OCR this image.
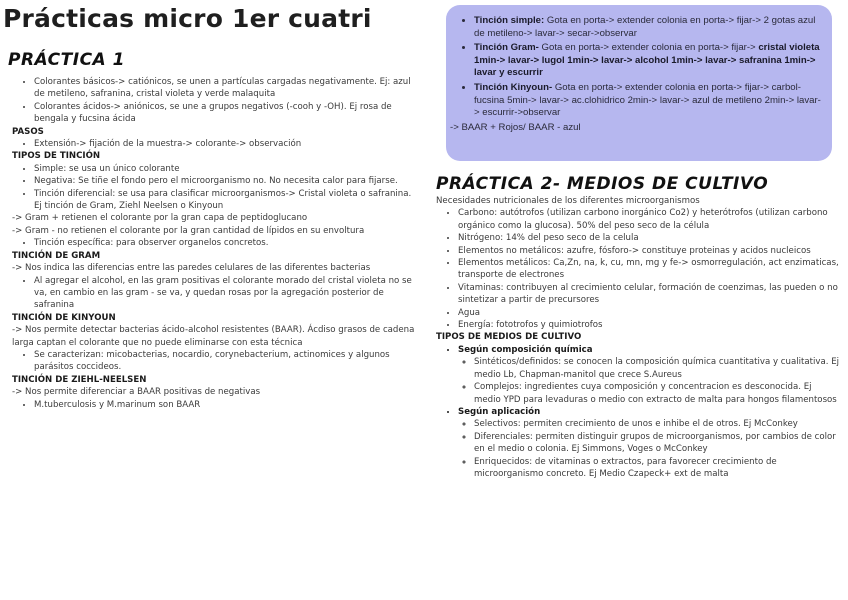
Prácticas micro 1er cuatri
PRÁCTICA 1
• Colorantes básicos-> catiónicos, se unen a partículas cargadas negativamente. Ej: azul de metileno, safranina, cristal violeta y verde malaquita
• Colorantes ácidos-> aniónicos, se une a grupos negativos (-cooh y -OH). Ej rosa de bengala y fucsina ácida

PASOS

• Extensión-> fijación de la muestra-> colorante-> observación

TIPOS DE TINCIÓN

• Simple: se usa un único colorante
• Negativa: Se tiñe el fondo pero el microorganismo no. No necesita calor para fijarse.
• Tinción diferencial: se usa para clasificar microorganismos-> Cristal violeta o safranina. Ej tinción de Gram, Ziehl Neelsen o Kinyoun

-> Gram + retienen el colorante por la gran capa de peptidoglucano

-> Gram - no retienen el colorante por la gran cantidad de lípidos en su envoltura

• Tinción específica: para observer organelos concretos.

TINCIÓN DE GRAM

-> Nos indica las diferencias entre las paredes celulares de las diferentes bacterias

• Al agregar el alcohol, en las gram positivas el colorante morado del cristal violeta no se va, en cambio en las gram - se va, y quedan rosas por la agregación posterior de safranina

TINCIÓN DE KINYOUN

-> Nos permite detectar bacterias ácido-alcohol resistentes (BAAR). Ácdiso grasos de cadena larga captan el colorante que no puede eliminarse con esta técnica

• Se caracterizan: micobacterias, nocardio, corynebacterium, actinomices y algunos parásitos coccideos.

TINCIÓN DE ZIEHL-NEELSEN

-> Nos permite diferenciar a BAAR positivas de negativas

• M.tuberculosis y M.marinum son BAAR
• Tinción simple: Gota en porta-> extender colonia en porta-> fijar-> 2 gotas azul de metileno-> lavar-> secar->observar
• Tinción Gram- Gota en porta-> extender colonia en porta-> fijar-> cristal violeta 1min-> lavar-> lugol 1min-> lavar-> alcohol 1min-> lavar-> safranina 1min-> lavar y escurrir
• Tinción Kinyoun- Gota en porta-> extender colonia en porta-> fijar-> carbol-fucsina 5min-> lavar-> ac.clohidrico 2min-> lavar-> azul de metileno 2min-> lavar-> escurrir->observar

-> BAAR + Rojos/ BAAR - azul

PRÁCTICA 2- MEDIOS DE CULTIVO

Necesidades nutricionales de los diferentes microorganismos

• Carbono: autótrofos (utilizan carbono inorgánico Co2) y heterótrofos (utilizan carbono orgánico como la glucosa). 50% del peso seco de la célula
• Nitrógeno: 14% del peso seco de la celula
• Elementos no metálicos: azufre, fósforo-> constituye proteinas y acidos nucleicos
• Elementos metálicos: Ca,Zn, na, k, cu, mn, mg y fe-> osmorregulación, act enzimaticas, transporte de electrones
• Vitaminas: contribuyen al crecimiento celular, formación de coenzimas, las pueden o no sintetizar a partir de precursores
• Agua
• Energía: fototrofos y quimiotrofos

TIPOS DE MEDIOS DE CULTIVO

• Según composición química
◦ Sintéticos/definidos: se conocen la composición química cuantitativa y cualitativa. Ej medio Lb, Chapman-manitol que crece S.Aureus
◦ Complejos: ingredientes cuya composición y concentracion es desconocida. Ej medio YPD para levaduras o medio con extracto de malta para hongos filamentosos
• Según aplicación
◦ Selectivos: permiten crecimiento de unos e inhibe el de otros. Ej McConkey
◦ Diferenciales: permiten distinguir grupos de microorganismos, por cambios de color en el medio o colonia. Ej Simmons, Voges o McConkey
◦ Enriquecidos: de vitaminas o extractos, para favorecer crecimiento de microorganismo concreto. Ej Medio Czapeck+ ext de malta
